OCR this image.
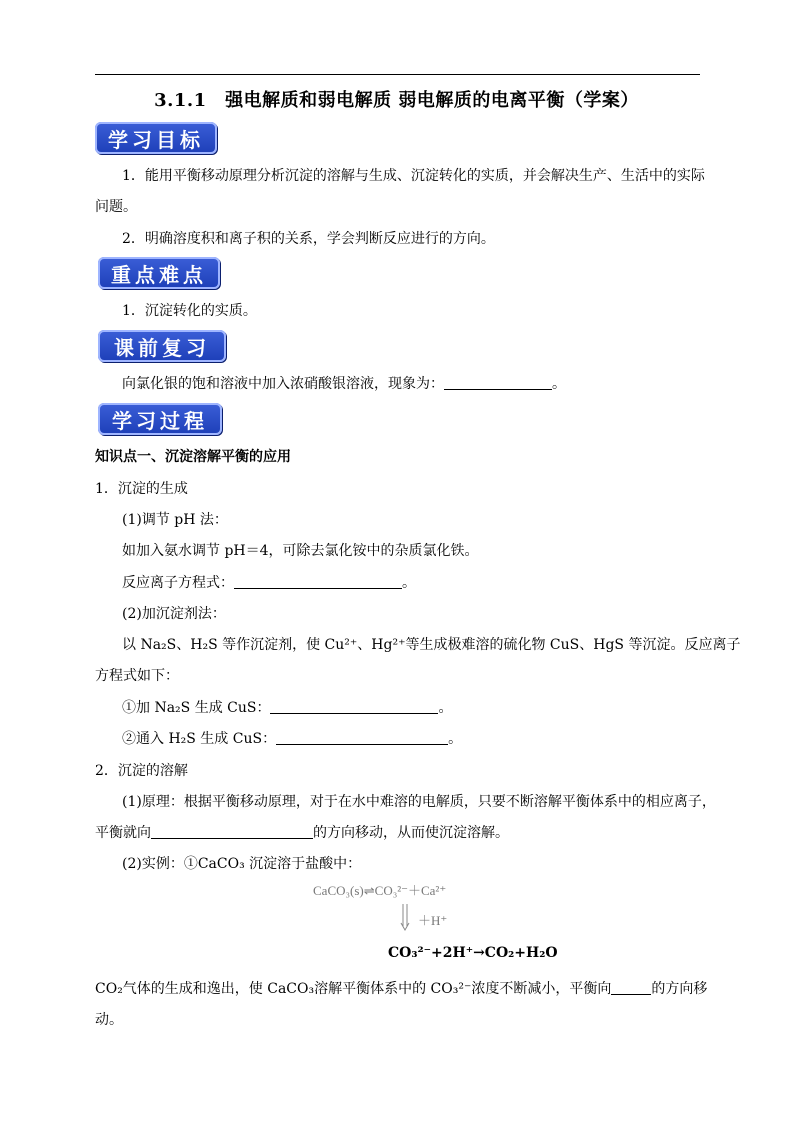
3.1.1　强电解质和弱电解质 弱电解质的电离平衡（学案）
学习目标
1．能用平衡移动原理分析沉淀的溶解与生成、沉淀转化的实质，并会解决生产、生活中的实际
问题。
2．明确溶度积和离子积的关系，学会判断反应进行的方向。
重点难点
1．沉淀转化的实质。
课前复习
向氯化银的饱和溶液中加入浓硝酸银溶液，现象为：	。
学习过程
知识点一、沉淀溶解平衡的应用
1．沉淀的生成
(1)调节 pH 法：
如加入氨水调节 pH＝4，可除去氯化铵中的杂质氯化铁。
反应离子方程式：	。
(2)加沉淀剂法：
以 Na₂S、H₂S 等作沉淀剂，使 Cu²⁺、Hg²⁺等生成极难溶的硫化物 CuS、HgS 等沉淀。反应离子
方程式如下：
①加 Na₂S 生成 CuS：	。
②通入 H₂S 生成 CuS：	。
2．沉淀的溶解
(1)原理：根据平衡移动原理，对于在水中难溶的电解质，只要不断溶解平衡体系中的相应离子，
平衡就向	的方向移动，从而使沉淀溶解。
(2)实例：①CaCO₃ 沉淀溶于盐酸中：
CaCO₃(s)⇌CO₃²⁻＋Ca²⁺
＋H⁺
CO₃²⁻+2H⁺→CO₂+H₂O
CO₂气体的生成和逸出，使 CaCO₃溶解平衡体系中的 CO₃²⁻浓度不断减小，平衡向	的方向移
动。
